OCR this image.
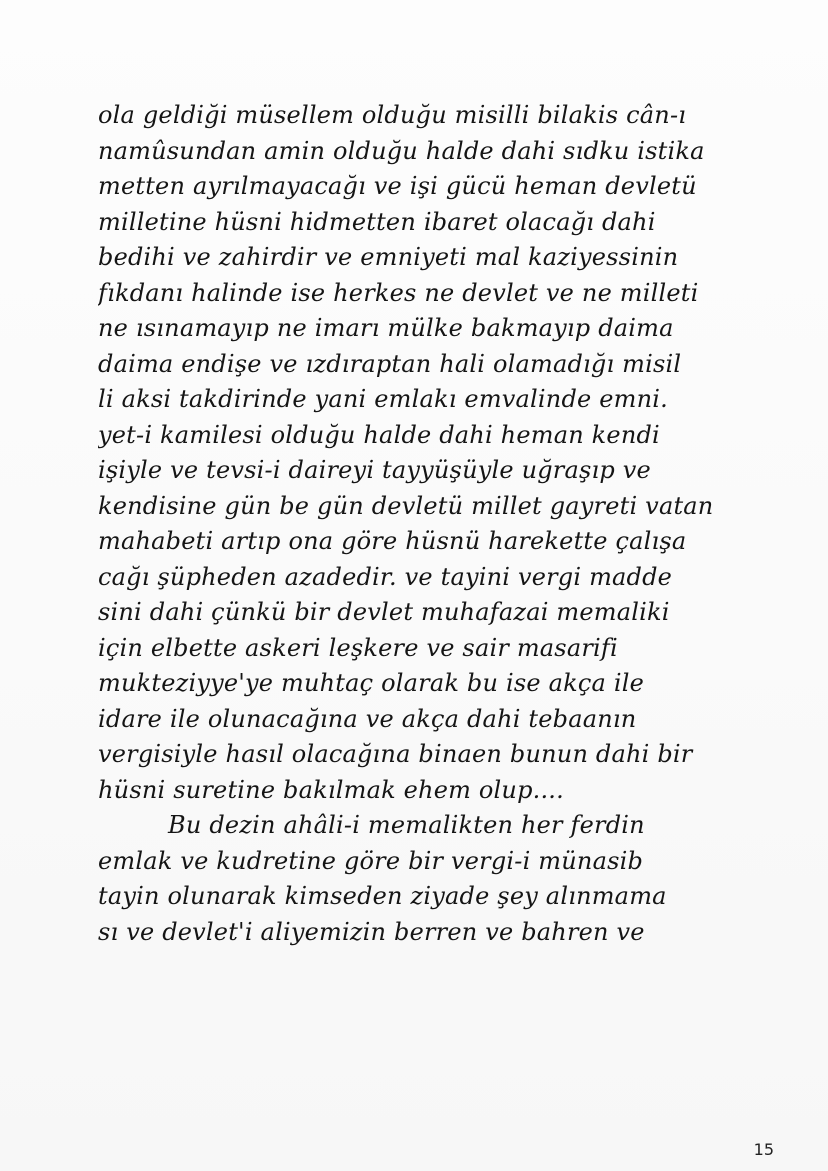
ola geldiği müsellem olduğu misilli bilakis cân-ı
namûsundan amin olduğu halde dahi sıdku istika
metten ayrılmayacağı ve işi gücü heman devletü
milletine hüsni hidmetten ibaret olacağı dahi
bedihi ve zahirdir ve emniyeti mal kaziyessinin
fıkdanı halinde ise herkes ne devlet ve ne milleti
ne ısınamayıp ne imarı mülke bakmayıp daima
daima endişe ve ızdıraptan hali olamadığı misil
li aksi takdirinde yani emlakı emvalinde emni.
yet-i kamilesi olduğu halde dahi heman kendi
işiyle ve tevsi-i daireyi tayyüşüyle uğraşıp ve
kendisine gün be gün devletü millet gayreti vatan
mahabeti artıp ona göre hüsnü harekette çalışa
cağı şüpheden azadedir. ve tayini vergi madde
sini dahi çünkü bir devlet muhafazai memaliki
için elbette askeri leşkere ve sair masarifi
mukteziyye'ye muhtaç olarak bu ise akça ile
idare ile olunacağına ve akça dahi tebaanın
vergisiyle hasıl olacağına binaen bunun dahi bir
hüsni suretine bakılmak ehem olup....
Bu dezin ahâli-i memalikten her ferdin
emlak ve kudretine göre bir vergi-i münasib
tayin olunarak kimseden ziyade şey alınmama
sı ve devlet'i aliyemizin berren ve bahren ve
15
